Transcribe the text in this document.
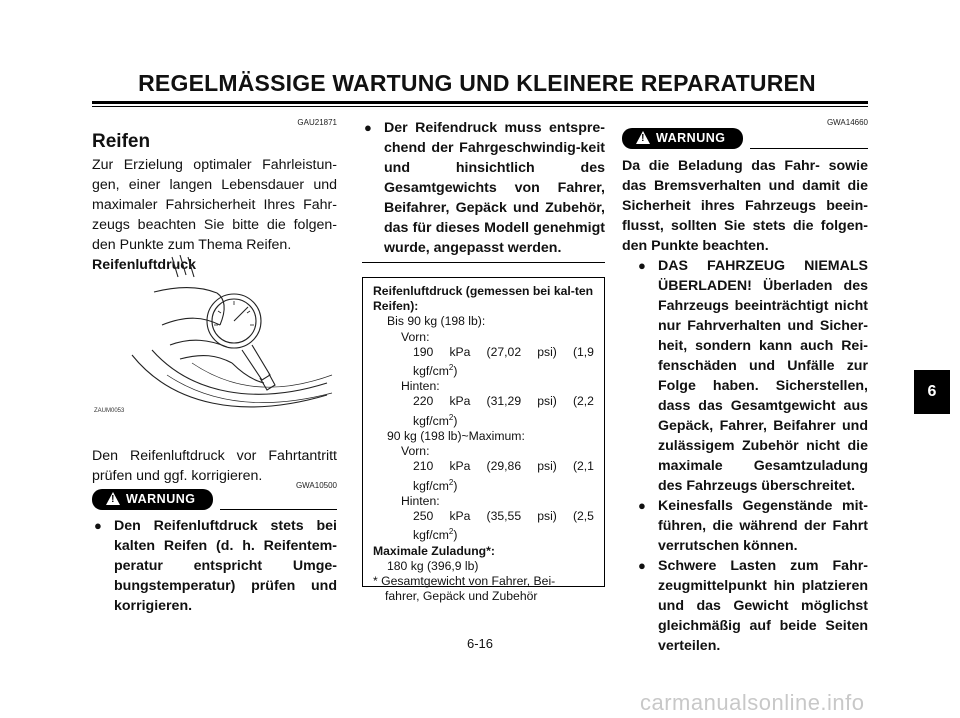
REGELMÄSSIGE WARTUNG UND KLEINERE REPARATUREN
GAU21871
Reifen
Zur Erzielung optimaler Fahrleistun-gen, einer langen Lebensdauer und maximaler Fahrsicherheit Ihres Fahr-zeugs beachten Sie bitte die folgen-den Punkte zum Thema Reifen.
Reifenluftdruck
ZAUM0053
Den Reifenluftdruck vor Fahrtantritt prüfen und ggf. korrigieren.
GWA10500
! WARNUNG
● Den Reifenluftdruck stets bei kalten Reifen (d. h. Reifentem-peratur entspricht Umge-bungstemperatur) prüfen und korrigieren.
● Der Reifendruck muss entspre-chend der Fahrgeschwindig-keit und hinsichtlich des Gesamtgewichts von Fahrer, Beifahrer, Gepäck und Zubehör, das für dieses Modell genehmigt wurde, angepasst werden.
Reifenluftdruck (gemessen bei kal-ten Reifen):
Bis 90 kg (198 lb):
Vorn:
190 kPa (27,02 psi) (1,9
kgf/$cm^2$)
Hinten:
220 kPa (31,29 psi) (2,2
kgf/$cm^2$)
90 kg (198 lb)~Maximum:
Vorn:
210 kPa (29,86 psi) (2,1
kgf/$cm^2$)
Hinten:
250 kPa (35,55 psi) (2,5
kgf/$cm^2$)
Maximale Zuladung*:
180 kg (396,9 lb)
* Gesamtgewicht von Fahrer, Bei-
fahrer, Gepäck und Zubehör
GWA14660
! WARNUNG
Da die Beladung das Fahr- sowie das Bremsverhalten und damit die Sicherheit ihres Fahrzeugs beein-flusst, sollten Sie stets die folgen-den Punkte beachten.
● DAS FAHRZEUG NIEMALS ÜBERLADEN! Überladen des Fahrzeugs beeinträchtigt nicht nur Fahrverhalten und Sicher-heit, sondern kann auch Rei-fenschäden und Unfälle zur Folge haben. Sicherstellen, dass das Gesamtgewicht aus Gepäck, Fahrer, Beifahrer und zulässigem Zubehör nicht die maximale Gesamtzuladung des Fahrzeugs überschreitet.
● Keinesfalls Gegenstände mit-führen, die während der Fahrt verrutschen können.
● Schwere Lasten zum Fahr-zeugmittelpunkt hin platzieren und das Gewicht möglichst gleichmäßig auf beide Seiten verteilen.
6
6-16
carmanualsonline.info
